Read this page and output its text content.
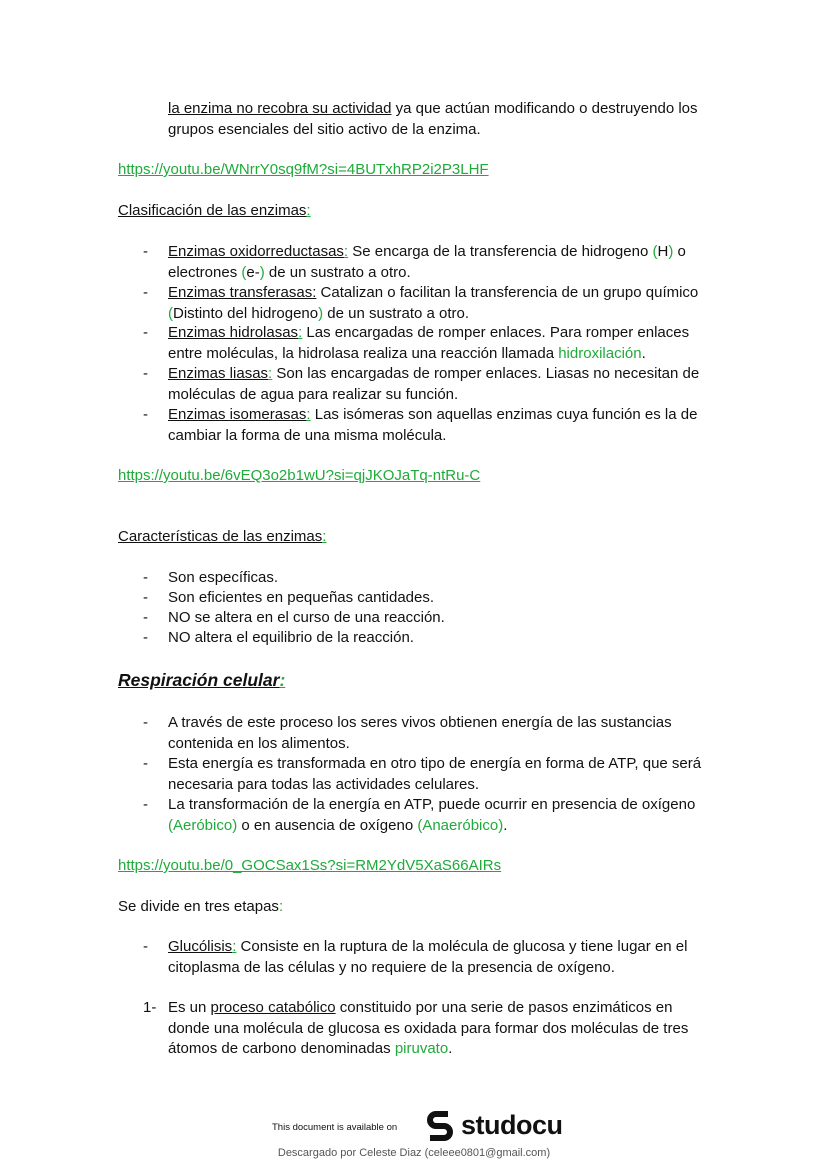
la enzima no recobra su actividad ya que actúan modificando o destruyendo los
grupos esenciales del sitio activo de la enzima.
https://youtu.be/WNrrY0sq9fM?si=4BUTxhRP2i2P3LHF
Clasificación de las enzimas:
- Enzimas oxidorreductasas: Se encarga de la transferencia de hidrogeno (H) o
electrones (e-) de un sustrato a otro.
- Enzimas transferasas: Catalizan o facilitan la transferencia de un grupo químico
(Distinto del hidrogeno) de un sustrato a otro.
- Enzimas hidrolasas: Las encargadas de romper enlaces. Para romper enlaces
entre moléculas, la hidrolasa realiza una reacción llamada hidroxilación.
- Enzimas liasas: Son las encargadas de romper enlaces. Liasas no necesitan de
moléculas de agua para realizar su función.
- Enzimas isomerasas: Las isómeras son aquellas enzimas cuya función es la de
cambiar la forma de una misma molécula.
https://youtu.be/6vEQ3o2b1wU?si=qjJKOJaTq-ntRu-C
Características de las enzimas:
- Son específicas.
- Son eficientes en pequeñas cantidades.
- NO se altera en el curso de una reacción.
- NO altera el equilibrio de la reacción.
Respiración celular:
- A través de este proceso los seres vivos obtienen energía de las sustancias
contenida en los alimentos.
- Esta energía es transformada en otro tipo de energía en forma de ATP, que será
necesaria para todas las actividades celulares.
- La transformación de la energía en ATP, puede ocurrir en presencia de oxígeno
(Aeróbico) o en ausencia de oxígeno (Anaeróbico).
https://youtu.be/0_GOCSax1Ss?si=RM2YdV5XaS66AIRs
Se divide en tres etapas:
- Glucólisis: Consiste en la ruptura de la molécula de glucosa y tiene lugar en el
citoplasma de las células y no requiere de la presencia de oxígeno.
1- Es un proceso catabólico constituido por una serie de pasos enzimáticos en
donde una molécula de glucosa es oxidada para formar dos moléculas de tres
átomos de carbono denominadas piruvato.
This document is available on studocu
Descargado por Celeste Diaz (celeee0801@gmail.com)
